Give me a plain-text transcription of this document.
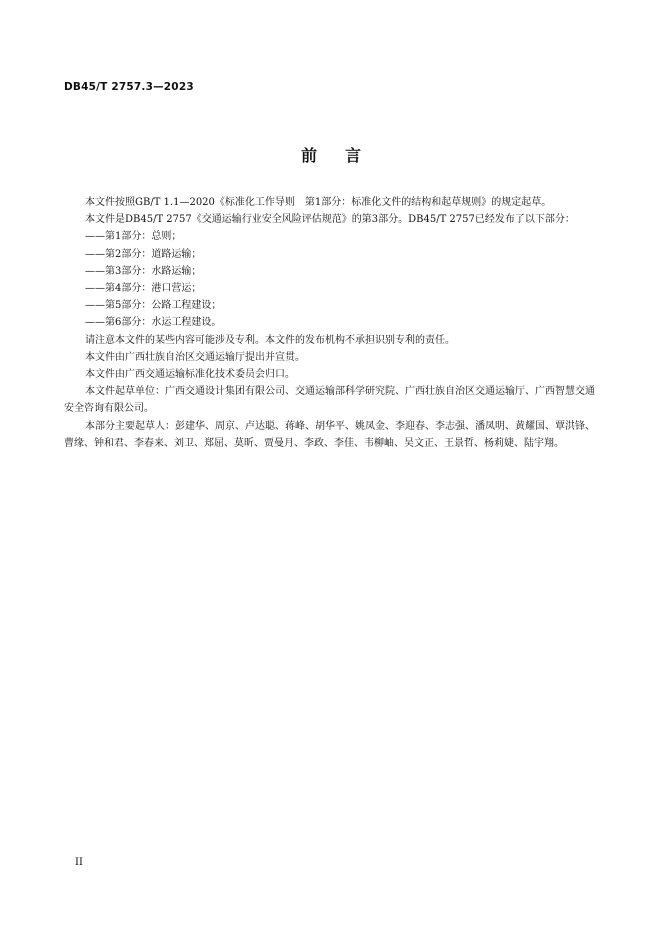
DB45/T 2757.3—2023
前言

本文件按照GB/T 1.1—2020《标准化工作导则　第1部分：标准化文件的结构和起草规则》的规定起草。

本文件是DB45/T 2757《交通运输行业安全风险评估规范》的第3部分。DB45/T 2757已经发布了以下部分：

——第1部分：总则；

——第2部分：道路运输；

——第3部分：水路运输；

——第4部分：港口营运；

——第5部分：公路工程建设；

——第6部分：水运工程建设。

请注意本文件的某些内容可能涉及专利。本文件的发布机构不承担识别专利的责任。

本文件由广西壮族自治区交通运输厅提出并宣贯。

本文件由广西交通运输标准化技术委员会归口。

本文件起草单位：广西交通设计集团有限公司、交通运输部科学研究院、广西壮族自治区交通运输厅、广西智慧交通安全咨询有限公司。

本部分主要起草人：彭建华、周京、卢达聪、蒋峰、胡华平、姚凤金、李迎春、李志强、潘凤明、黄耀国、覃洪锋、曹缘、钟和君、李春来、刘卫、郑屈、莫昕、贾曼月、李政、李佳、韦柳岫、吴文正、王景哲、杨莉婕、陆宇翔。

II
